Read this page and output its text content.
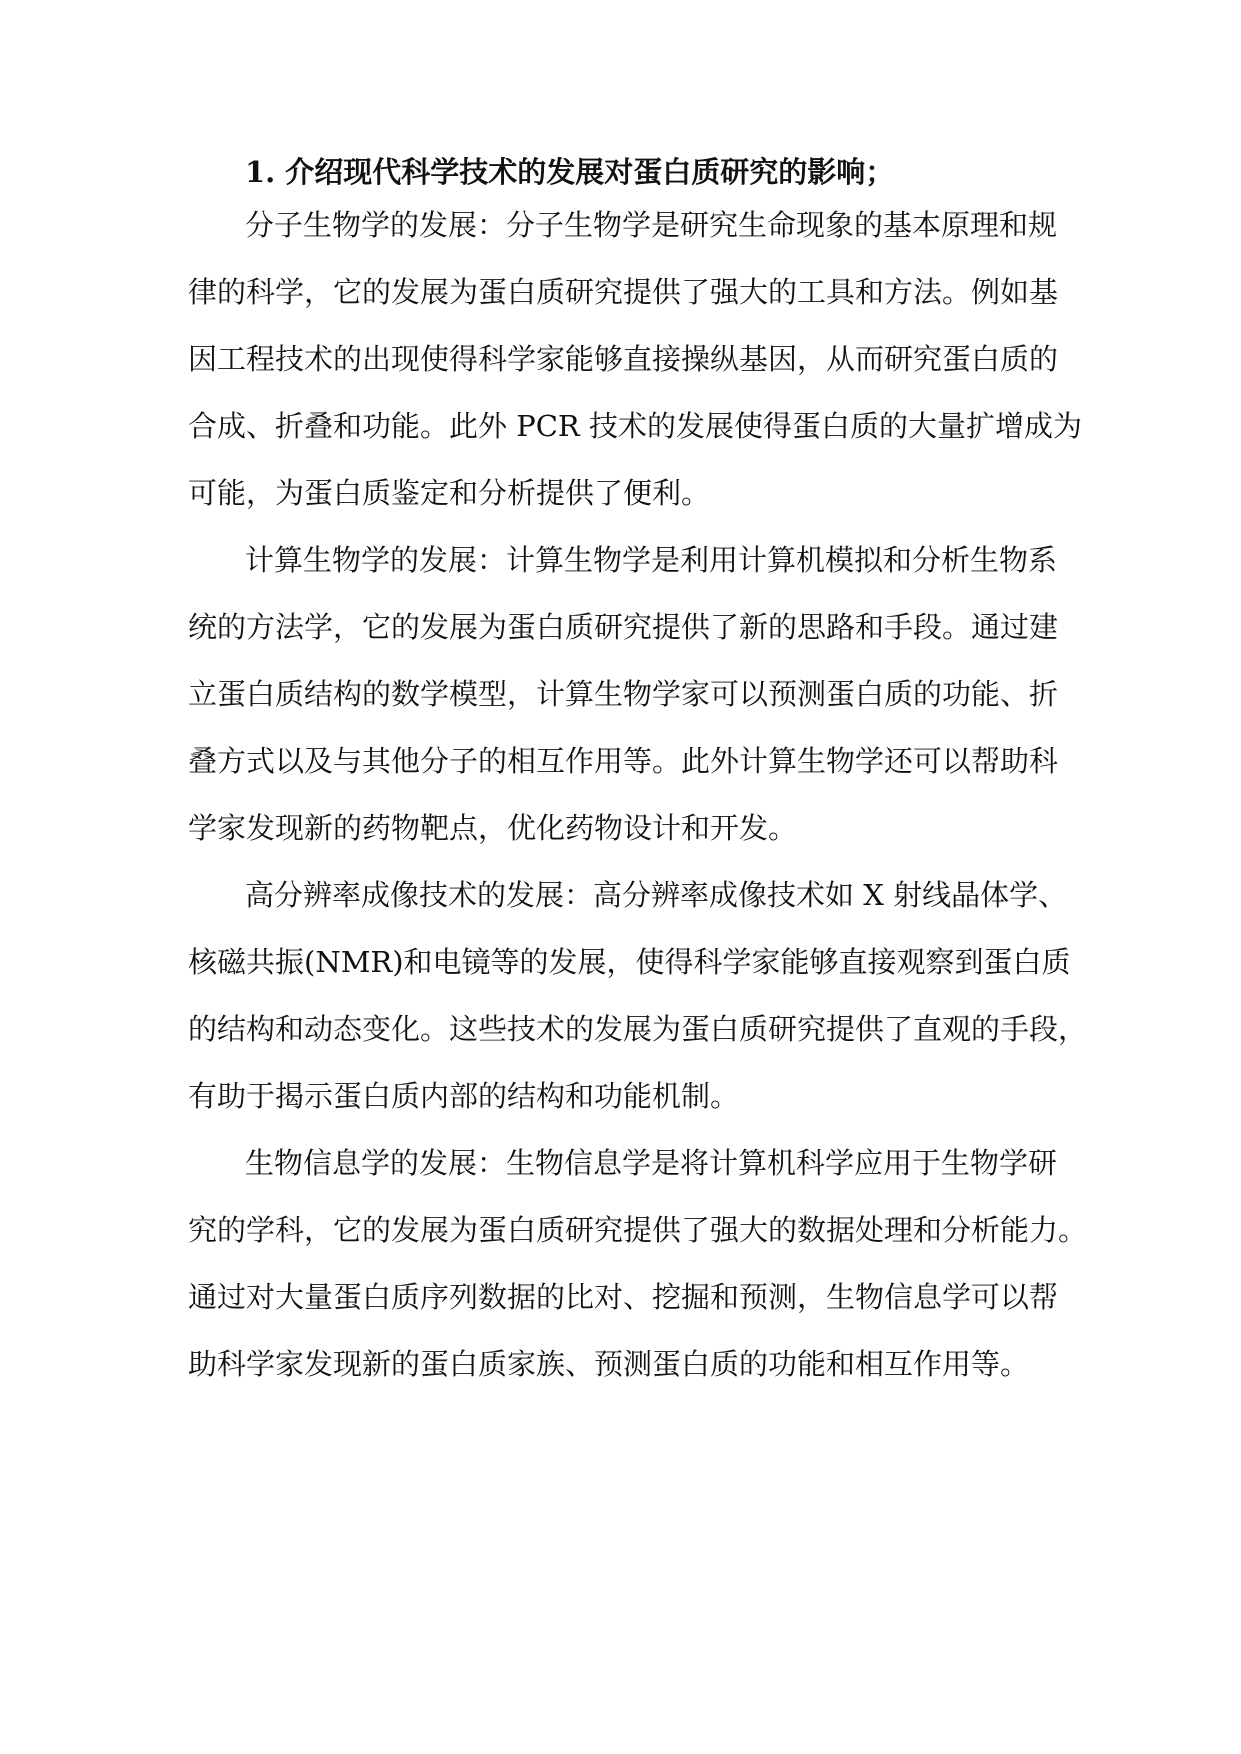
1. 介绍现代科学技术的发展对蛋白质研究的影响；
分子生物学的发展：分子生物学是研究生命现象的基本原理和规
律的科学，它的发展为蛋白质研究提供了强大的工具和方法。例如基
因工程技术的出现使得科学家能够直接操纵基因，从而研究蛋白质的
合成、折叠和功能。此外 PCR 技术的发展使得蛋白质的大量扩增成为
可能，为蛋白质鉴定和分析提供了便利。
计算生物学的发展：计算生物学是利用计算机模拟和分析生物系
统的方法学，它的发展为蛋白质研究提供了新的思路和手段。通过建
立蛋白质结构的数学模型，计算生物学家可以预测蛋白质的功能、折
叠方式以及与其他分子的相互作用等。此外计算生物学还可以帮助科
学家发现新的药物靶点，优化药物设计和开发。
高分辨率成像技术的发展：高分辨率成像技术如 X 射线晶体学、
核磁共振(NMR)和电镜等的发展，使得科学家能够直接观察到蛋白质
的结构和动态变化。这些技术的发展为蛋白质研究提供了直观的手段，
有助于揭示蛋白质内部的结构和功能机制。
生物信息学的发展：生物信息学是将计算机科学应用于生物学研
究的学科，它的发展为蛋白质研究提供了强大的数据处理和分析能力。
通过对大量蛋白质序列数据的比对、挖掘和预测，生物信息学可以帮
助科学家发现新的蛋白质家族、预测蛋白质的功能和相互作用等。
